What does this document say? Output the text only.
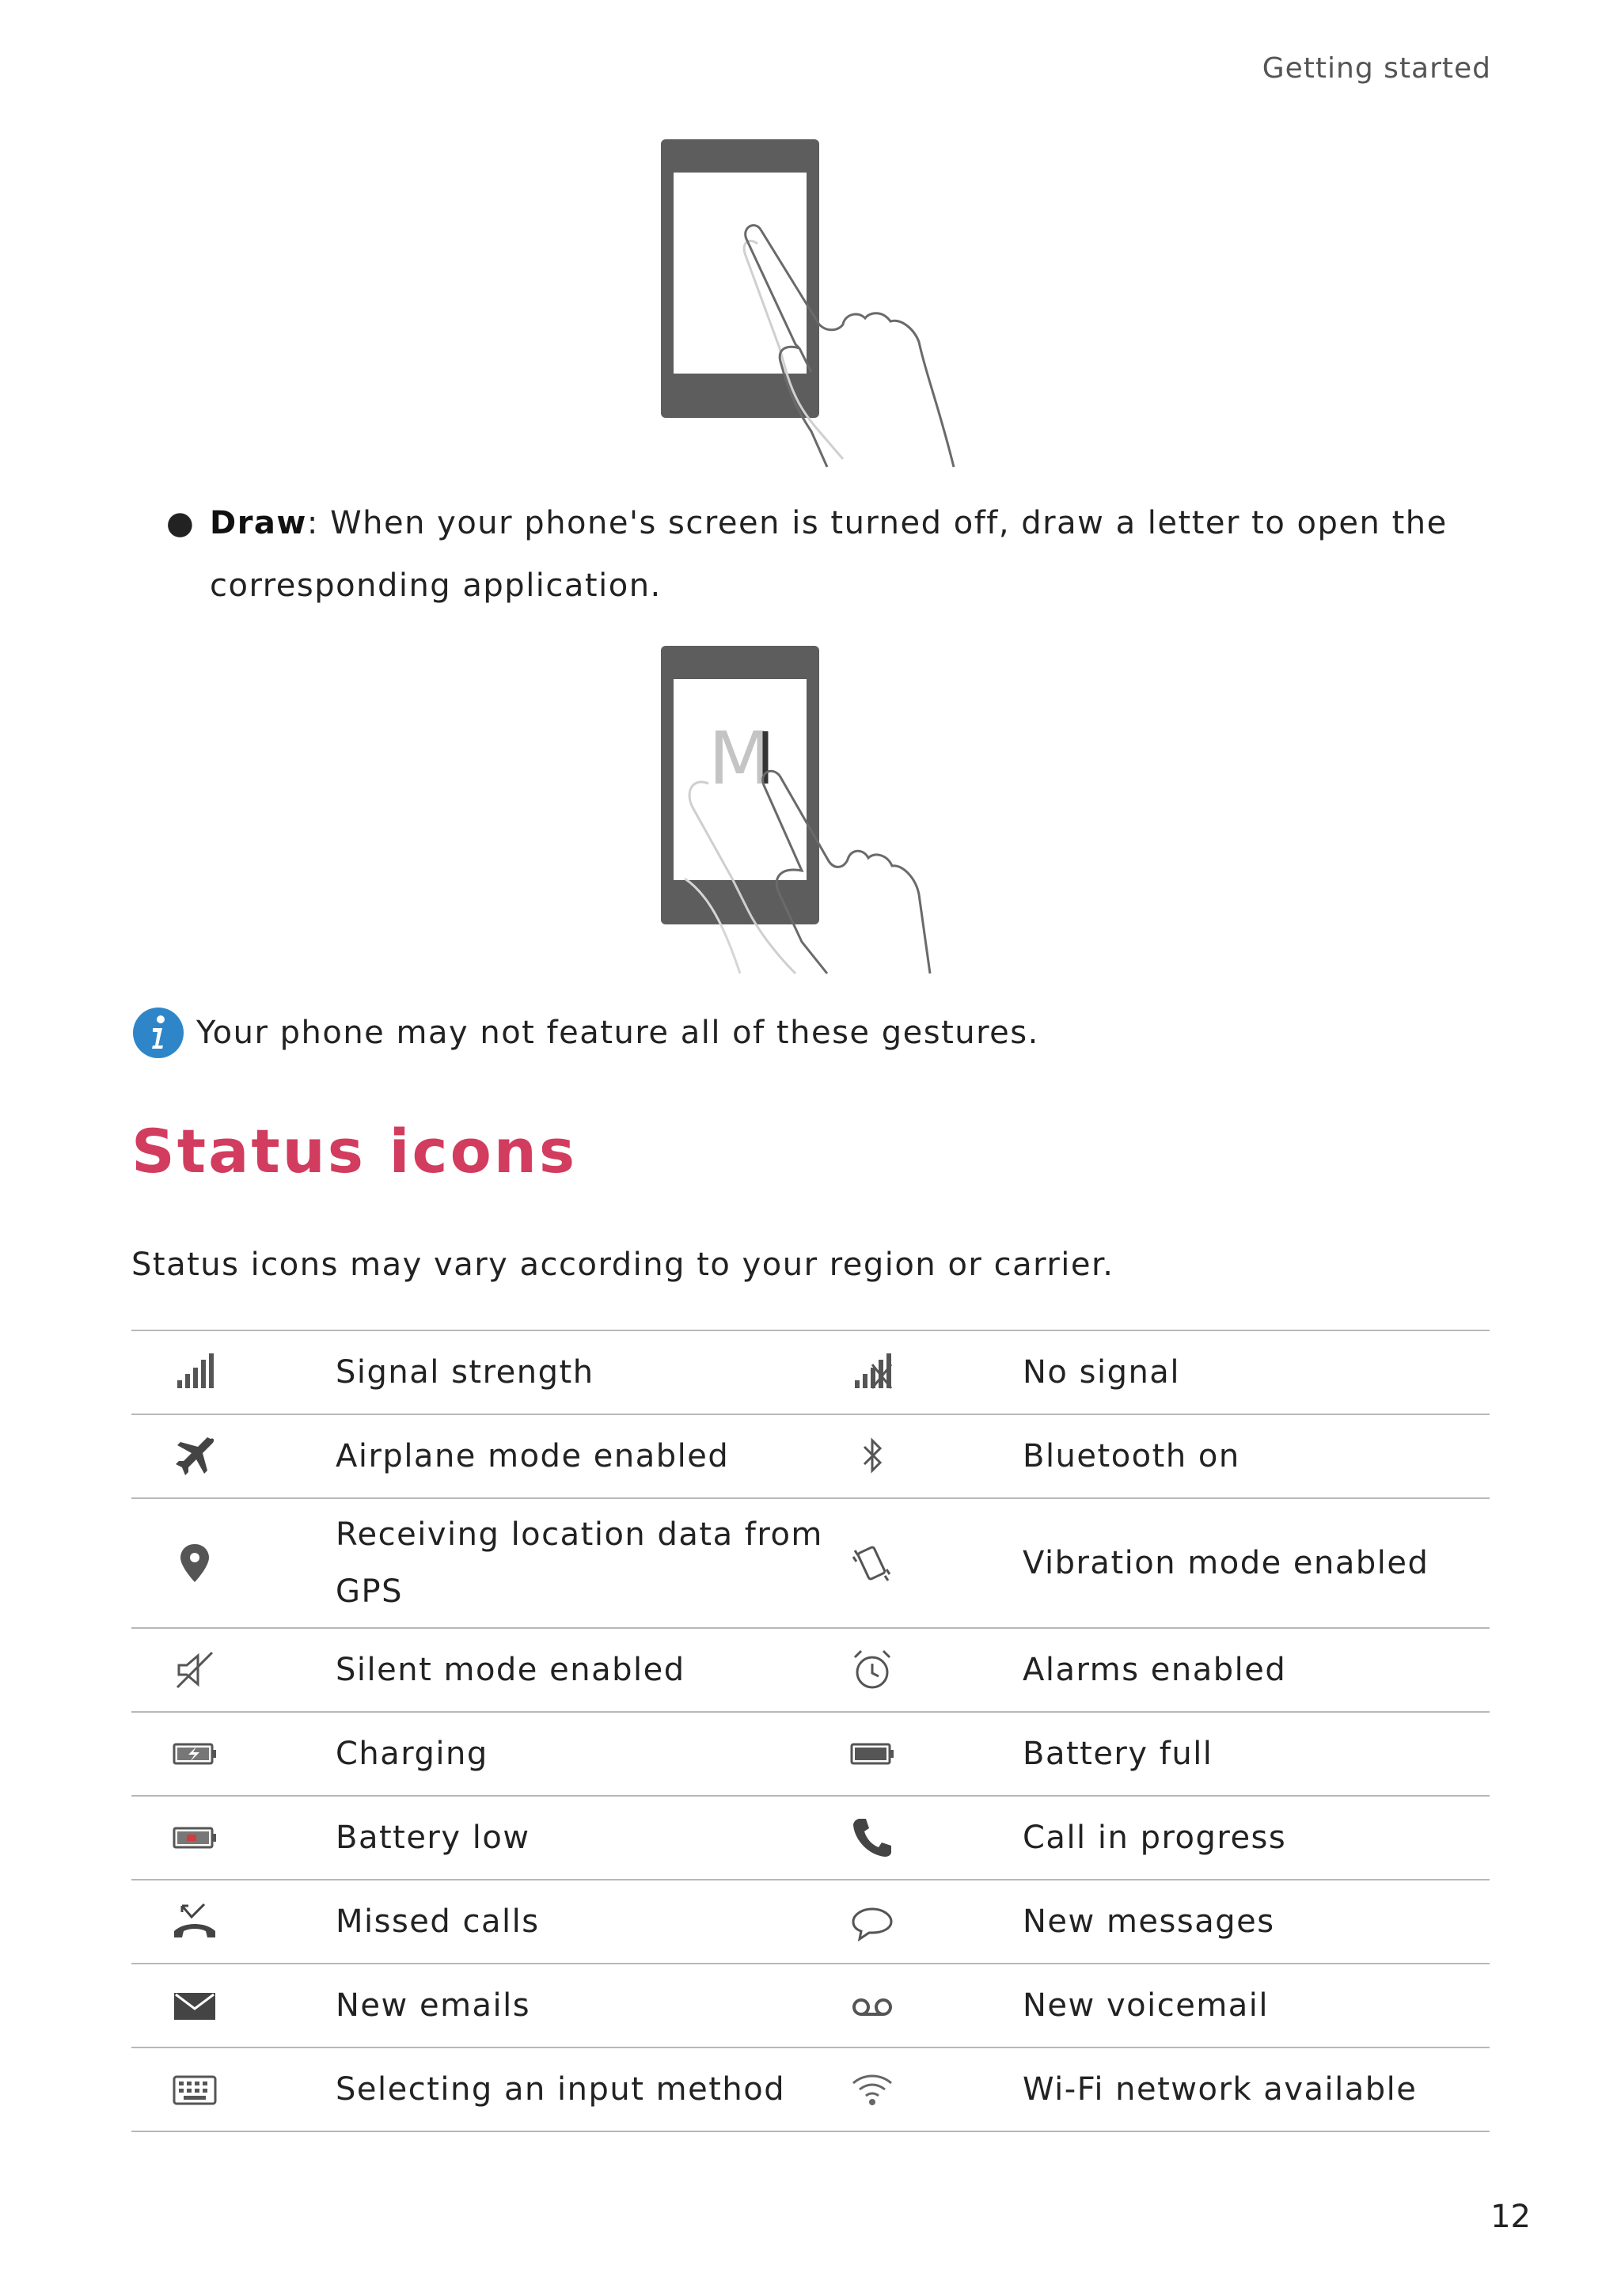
Getting started
● Draw: When your phone's screen is turned off, draw a letter to open the corresponding application.
M
Your phone may not feature all of these gestures.
Status icons
Status icons may vary according to your region or carrier.
	Signal strength		No signal
	Airplane mode enabled		Bluetooth on

Receiving location data from
GPS		Vibration mode enabled
	Silent mode enabled		Alarms enabled
	Charging		Battery full
	Battery low		Call in progress
	Missed calls		New messages
	New emails		New voicemail
	Selecting an input method		Wi-Fi network available
12
